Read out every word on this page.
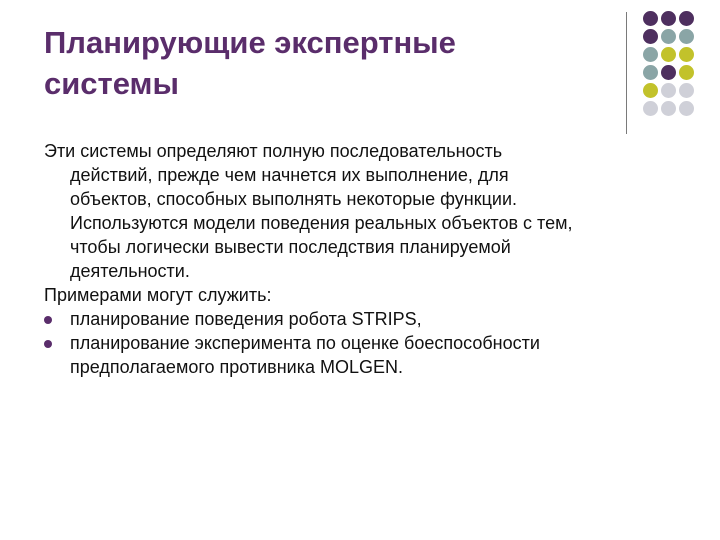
Планирующие экспертные
системы
Эти системы определяют полную последовательность
действий, прежде чем начнется их выполнение, для
объектов, способных выполнять некоторые функции.
Используются модели поведения реальных объектов с тем,
чтобы логически вывести последствия планируемой
деятельности.
Примерами могут служить:
планирование поведения робота STRIPS,
планирование эксперимента по оценке боеспособности
предполагаемого противника MOLGEN.
